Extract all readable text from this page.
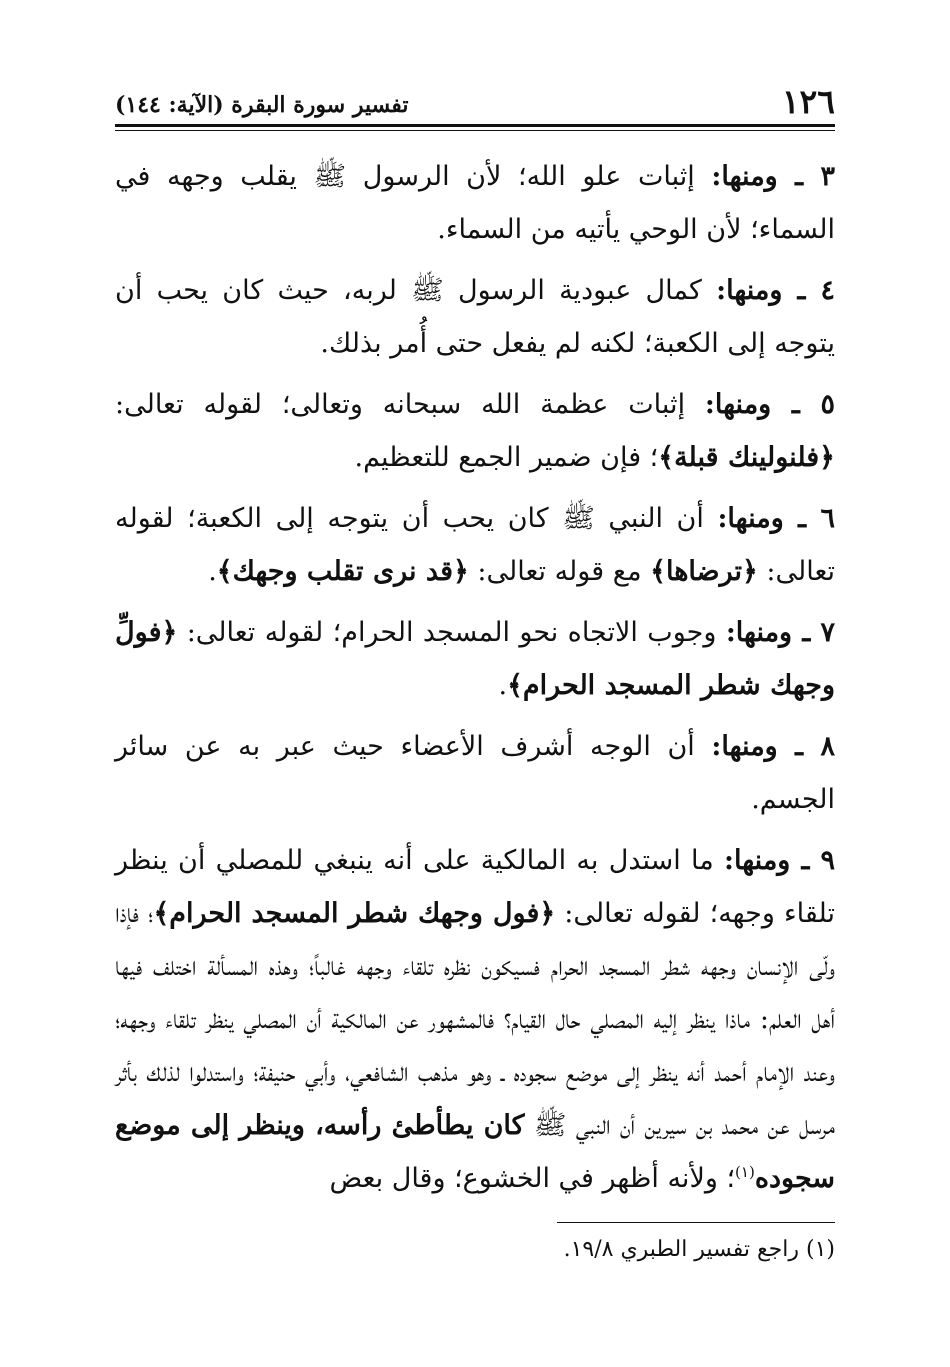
١٢٦
تفسير سورة البقرة (الآية: ١٤٤)

٣ ـ ومنها: إثبات علو الله؛ لأن الرسول ﷺ يقلب وجهه في السماء؛ لأن الوحي يأتيه من السماء.

٤ ـ ومنها: كمال عبودية الرسول ﷺ لربه، حيث كان يحب أن يتوجه إلى الكعبة؛ لكنه لم يفعل حتى أُمر بذلك.

٥ ـ ومنها: إثبات عظمة الله سبحانه وتعالى؛ لقوله تعالى: ﴿فلنولينك قبلة﴾؛ فإن ضمير الجمع للتعظيم.

٦ ـ ومنها: أن النبي ﷺ كان يحب أن يتوجه إلى الكعبة؛ لقوله تعالى: ﴿ترضاها﴾ مع قوله تعالى: ﴿قد نرى تقلب وجهك﴾.

٧ ـ ومنها: وجوب الاتجاه نحو المسجد الحرام؛ لقوله تعالى: ﴿فولِّ وجهك شطر المسجد الحرام﴾.

٨ ـ ومنها: أن الوجه أشرف الأعضاء حيث عبر به عن سائر الجسم.

٩ ـ ومنها: ما استدل به المالكية على أنه ينبغي للمصلي أن ينظر تلقاء وجهه؛ لقوله تعالى: ﴿فول وجهك شطر المسجد الحرام﴾؛ فإذا ولّى الإنسان وجهه شطر المسجد الحرام فسيكون نظره تلقاء وجهه غالباً؛ وهذه المسألة اختلف فيها أهل العلم: ماذا ينظر إليه المصلي حال القيام؟ فالمشهور عن المالكية أن المصلي ينظر تلقاء وجهه؛ وعند الإمام أحمد أنه ينظر إلى موضع سجوده ـ وهو مذهب الشافعي، وأبي حنيفة؛ واستدلوا لذلك بأثر مرسل عن محمد بن سيرين أن النبي ﷺ كان يطأطئ رأسه، وينظر إلى موضع سجوده$^{(١)}$؛ ولأنه أظهر في الخشوع؛ وقال بعض

(١) راجع تفسير الطبري ١٩/٨.
